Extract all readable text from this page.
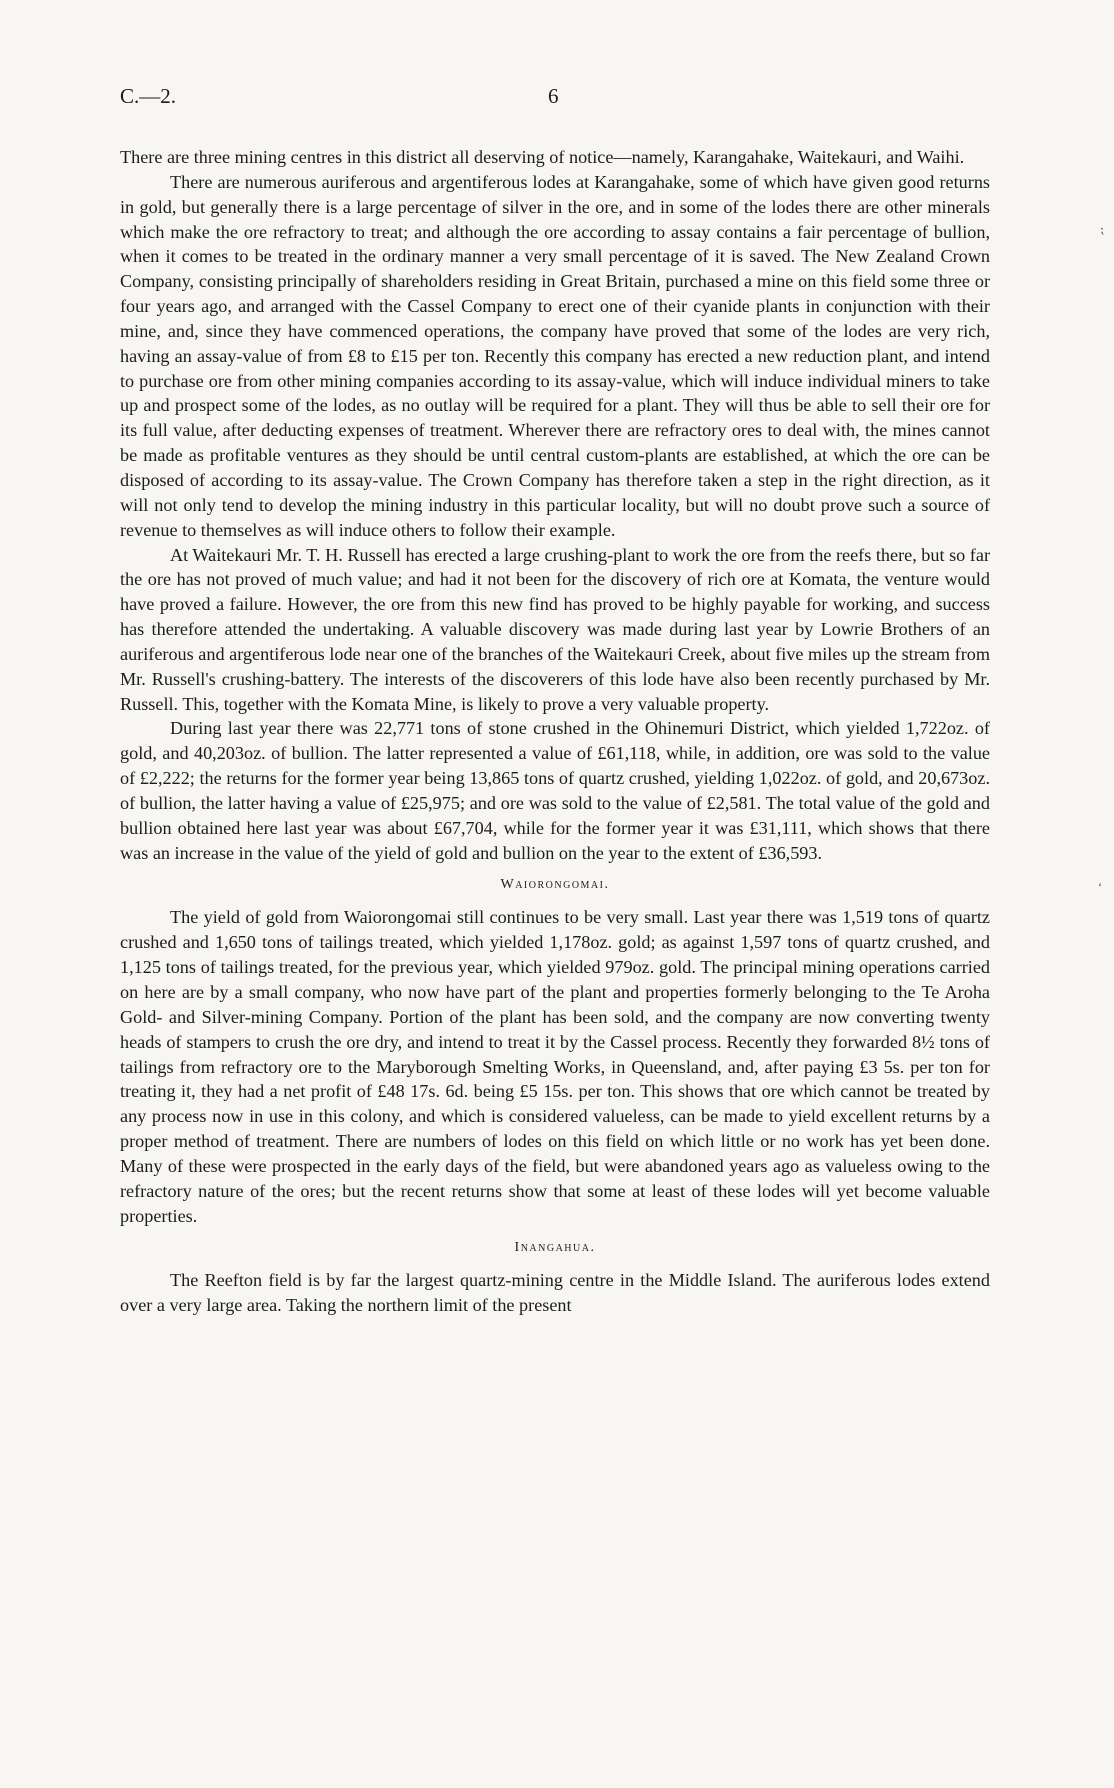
C.—2.	6
⁏
ʻ

There are three mining centres in this district all deserving of notice—namely, Karangahake, Waitekauri, and Waihi.

There are numerous auriferous and argentiferous lodes at Karangahake, some of which have given good returns in gold, but generally there is a large percentage of silver in the ore, and in some of the lodes there are other minerals which make the ore refractory to treat; and although the ore according to assay contains a fair percentage of bullion, when it comes to be treated in the ordinary manner a very small percentage of it is saved. The New Zealand Crown Company, consisting principally of shareholders residing in Great Britain, purchased a mine on this field some three or four years ago, and arranged with the Cassel Company to erect one of their cyanide plants in conjunction with their mine, and, since they have commenced operations, the company have proved that some of the lodes are very rich, having an assay-value of from £8 to £15 per ton. Recently this company has erected a new reduction plant, and intend to purchase ore from other mining companies according to its assay-value, which will induce individual miners to take up and prospect some of the lodes, as no outlay will be required for a plant. They will thus be able to sell their ore for its full value, after deducting expenses of treatment. Wherever there are refractory ores to deal with, the mines cannot be made as profitable ventures as they should be until central custom-plants are established, at which the ore can be disposed of according to its assay-value. The Crown Company has therefore taken a step in the right direction, as it will not only tend to develop the mining industry in this particular locality, but will no doubt prove such a source of revenue to themselves as will induce others to follow their example.

At Waitekauri Mr. T. H. Russell has erected a large crushing-plant to work the ore from the reefs there, but so far the ore has not proved of much value; and had it not been for the discovery of rich ore at Komata, the venture would have proved a failure. However, the ore from this new find has proved to be highly payable for working, and success has therefore attended the undertaking. A valuable discovery was made during last year by Lowrie Brothers of an auriferous and argentiferous lode near one of the branches of the Waitekauri Creek, about five miles up the stream from Mr. Russell's crushing-battery. The interests of the discoverers of this lode have also been recently purchased by Mr. Russell. This, together with the Komata Mine, is likely to prove a very valuable property.

During last year there was 22,771 tons of stone crushed in the Ohinemuri District, which yielded 1,722oz. of gold, and 40,203oz. of bullion. The latter represented a value of £61,118, while, in addition, ore was sold to the value of £2,222; the returns for the former year being 13,865 tons of quartz crushed, yielding 1,022oz. of gold, and 20,673oz. of bullion, the latter having a value of £25,975; and ore was sold to the value of £2,581. The total value of the gold and bullion obtained here last year was about £67,704, while for the former year it was £31,111, which shows that there was an increase in the value of the yield of gold and bullion on the year to the extent of £36,593.

Waiorongomai.

The yield of gold from Waiorongomai still continues to be very small. Last year there was 1,519 tons of quartz crushed and 1,650 tons of tailings treated, which yielded 1,178oz. gold; as against 1,597 tons of quartz crushed, and 1,125 tons of tailings treated, for the previous year, which yielded 979oz. gold. The principal mining operations carried on here are by a small company, who now have part of the plant and properties formerly belonging to the Te Aroha Gold- and Silver-mining Company. Portion of the plant has been sold, and the company are now converting twenty heads of stampers to crush the ore dry, and intend to treat it by the Cassel process. Recently they forwarded 8½ tons of tailings from refractory ore to the Maryborough Smelting Works, in Queensland, and, after paying £3 5s. per ton for treating it, they had a net profit of £48 17s. 6d. being £5 15s. per ton. This shows that ore which cannot be treated by any process now in use in this colony, and which is considered valueless, can be made to yield excellent returns by a proper method of treatment. There are numbers of lodes on this field on which little or no work has yet been done. Many of these were prospected in the early days of the field, but were abandoned years ago as valueless owing to the refractory nature of the ores; but the recent returns show that some at least of these lodes will yet become valuable properties.

Inangahua.

The Reefton field is by far the largest quartz-mining centre in the Middle Island. The auriferous lodes extend over a very large area. Taking the northern limit of the present
